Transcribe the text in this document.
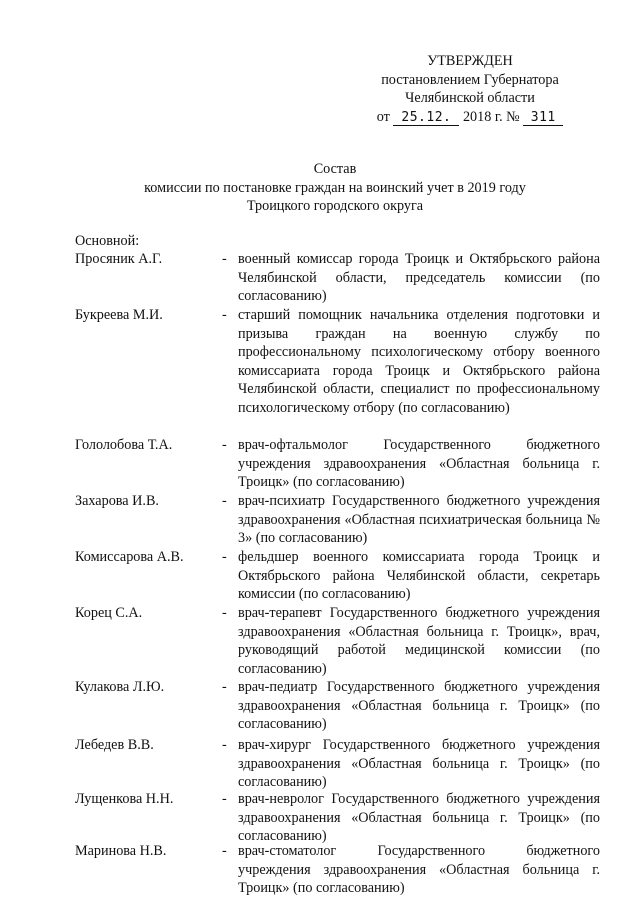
УТВЕРЖДЕН
постановлением Губернатора
Челябинской области
от 25.12. 2018 г. № 311
Состав
комиссии по постановке граждан на воинский учет в 2019 году
Троицкого городского округа
Основной:
Просяник А.Г.	- военный комиссар города Троицк и Октябрьского района Челябинской области, председатель комиссии (по согласованию)
Букреева М.И.	- старший помощник начальника отделения подготовки и призыва граждан на военную службу по профессиональному психологическому отбору военного комиссариата города Троицк и Октябрьского района Челябинской области, специалист по профессиональному психологическому отбору (по согласованию)
Гололобова Т.А.	- врач-офтальмолог Государственного бюджетного учреждения здравоохранения «Областная больница г. Троицк» (по согласованию)
Захарова И.В.	- врач-психиатр Государственного бюджетного учреждения здравоохранения «Областная психиатрическая больница № 3» (по согласованию)
Комиссарова А.В.	- фельдшер военного комиссариата города Троицк и Октябрьского района Челябинской области, секретарь комиссии (по согласованию)
Корец С.А.	- врач-терапевт Государственного бюджетного учреждения здравоохранения «Областная больница г. Троицк», врач, руководящий работой медицинской комиссии (по согласованию)
Кулакова Л.Ю.	- врач-педиатр Государственного бюджетного учреждения здравоохранения «Областная больница г. Троицк» (по согласованию)
Лебедев В.В.	- врач-хирург Государственного бюджетного учреждения здравоохранения «Областная больница г. Троицк» (по согласованию)
Лущенкова Н.Н.	- врач-невролог Государственного бюджетного учреждения здравоохранения «Областная больница г. Троицк» (по согласованию)
Маринова Н.В.	- врач-стоматолог Государственного бюджетного учреждения здравоохранения «Областная больница г. Троицк» (по согласованию)
